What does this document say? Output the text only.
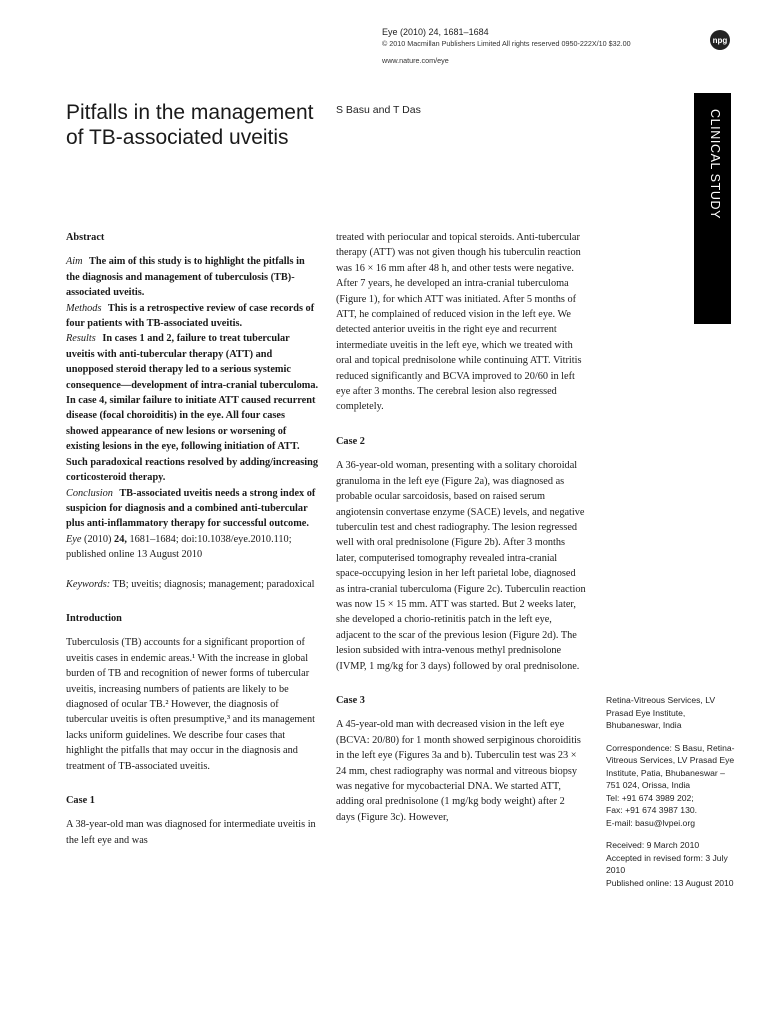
Eye (2010) 24, 1681–1684
© 2010 Macmillan Publishers Limited All rights reserved 0950-222X/10 $32.00
www.nature.com/eye
npg
Pitfalls in the management of TB-associated uveitis
S Basu and T Das	CLINICAL STUDY

Abstract

Aim The aim of this study is to highlight the pitfalls in the diagnosis and management of tuberculosis (TB)-associated uveitis.

Methods This is a retrospective review of case records of four patients with TB-associated uveitis.

Results In cases 1 and 2, failure to treat tubercular uveitis with anti-tubercular therapy (ATT) and unopposed steroid therapy led to a serious systemic consequence—development of intra-cranial tuberculoma. In case 4, similar failure to initiate ATT caused recurrent disease (focal choroiditis) in the eye. All four cases showed appearance of new lesions or worsening of existing lesions in the eye, following initiation of ATT. Such paradoxical reactions resolved by adding/increasing corticosteroid therapy.

Conclusion TB-associated uveitis needs a strong index of suspicion for diagnosis and a combined anti-tubercular plus anti-inflammatory therapy for successful outcome.

Eye (2010) 24, 1681–1684; doi:10.1038/eye.2010.110; published online 13 August 2010

Keywords: TB; uveitis; diagnosis; management; paradoxical

Introduction

Tuberculosis (TB) accounts for a significant proportion of uveitis cases in endemic areas.¹ With the increase in global burden of TB and recognition of newer forms of tubercular uveitis, increasing numbers of patients are likely to be diagnosed of ocular TB.² However, the diagnosis of tubercular uveitis is often presumptive,³ and its management lacks uniform guidelines. We describe four cases that highlight the pitfalls that may occur in the diagnosis and treatment of TB-associated uveitis.

Case 1

A 38-year-old man was diagnosed for intermediate uveitis in the left eye and was

treated with periocular and topical steroids. Anti-tubercular therapy (ATT) was not given though his tuberculin reaction was 16 × 16 mm after 48 h, and other tests were negative. After 7 years, he developed an intra-cranial tuberculoma (Figure 1), for which ATT was initiated. After 5 months of ATT, he complained of reduced vision in the left eye. We detected anterior uveitis in the right eye and recurrent intermediate uveitis in the left eye, which we treated with oral and topical prednisolone while continuing ATT. Vitritis reduced significantly and BCVA improved to 20/60 in left eye after 3 months. The cerebral lesion also regressed completely.

Case 2

A 36-year-old woman, presenting with a solitary choroidal granuloma in the left eye (Figure 2a), was diagnosed as probable ocular sarcoidosis, based on raised serum angiotensin convertase enzyme (SACE) levels, and negative tuberculin test and chest radiography. The lesion regressed well with oral prednisolone (Figure 2b). After 3 months later, computerised tomography revealed intra-cranial space-occupying lesion in her left parietal lobe, diagnosed as intra-cranial tuberculoma (Figure 2c). Tuberculin reaction was now 15 × 15 mm. ATT was started. But 2 weeks later, she developed a chorio-retinitis patch in the left eye, adjacent to the scar of the previous lesion (Figure 2d). The lesion subsided with intra-venous methyl prednisolone (IVMP, 1 mg/kg for 3 days) followed by oral prednisolone.

Case 3

A 45-year-old man with decreased vision in the left eye (BCVA: 20/80) for 1 month showed serpiginous choroiditis in the left eye (Figures 3a and b). Tuberculin test was 23 × 24 mm, chest radiography was normal and vitreous biopsy was negative for mycobacterial DNA. We started ATT, adding oral prednisolone (1 mg/kg body weight) after 2 days (Figure 3c). However,

Retina-Vitreous Services, LV Prasad Eye Institute, Bhubaneswar, India

Correspondence: S Basu, Retina-Vitreous Services, LV Prasad Eye Institute, Patia, Bhubaneswar – 751 024, Orissa, India

Tel: +91 674 3989 202;

Fax: +91 674 3987 130.

E-mail: basu@lvpei.org

Received: 9 March 2010

Accepted in revised form: 3 July 2010

Published online: 13 August 2010
